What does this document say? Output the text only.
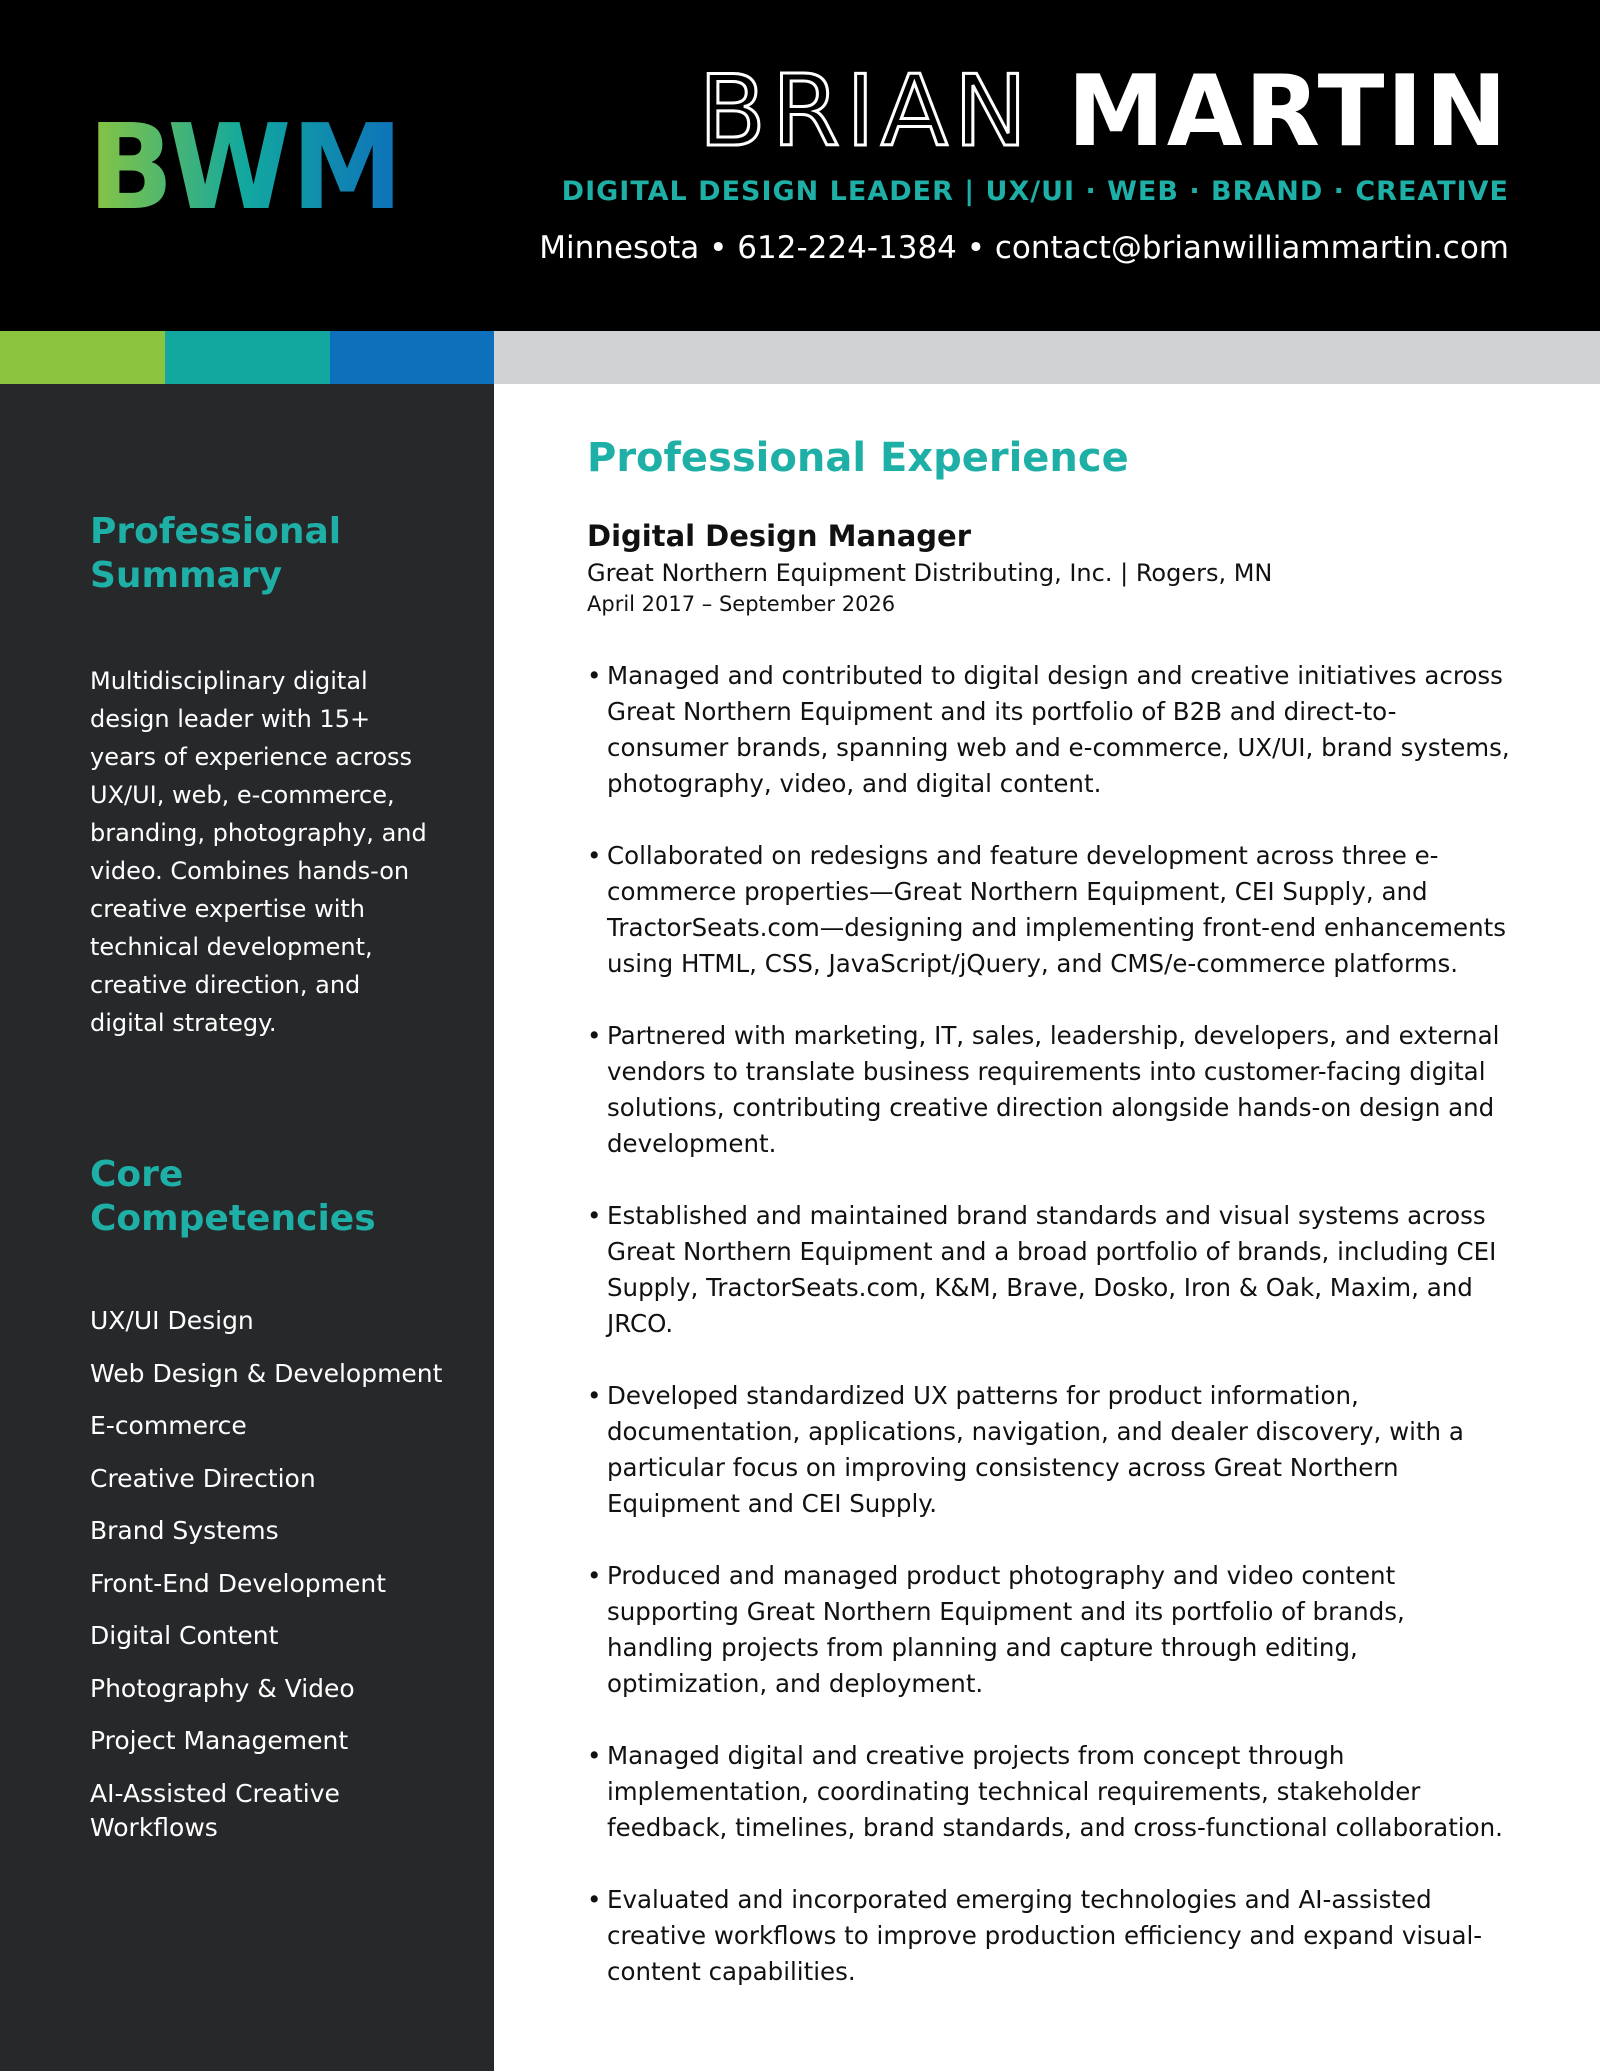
BWM	BRIAN MARTIN
DIGITAL DESIGN LEADER | UX/UI · WEB · BRAND · CREATIVE
Minnesota • 612-224-1384 • contact@brianwilliammartin.com
Professional
Summary
Multidisciplinary digital design leader with 15+ years of experience across UX/UI, web, e-commerce, branding, photography, and video. Combines hands-on creative expertise with technical development, creative direction, and digital strategy.
Core
Competencies
UX/UI Design
Web Design & Development
E-commerce
Creative Direction
Brand Systems
Front-End Development
Digital Content
Photography & Video
Project Management
AI-Assisted Creative Workflows
Professional Experience
Digital Design Manager
Great Northern Equipment Distributing, Inc. | Rogers, MN
April 2017 – September 2026
• Managed and contributed to digital design and creative initiatives across Great Northern Equipment and its portfolio of B2B and direct-to-consumer brands, spanning web and e-commerce, UX/UI, brand systems, photography, video, and digital content.
• Collaborated on redesigns and feature development across three e-commerce properties—Great Northern Equipment, CEI Supply, and TractorSeats.com—designing and implementing front-end enhancements using HTML, CSS, JavaScript/jQuery, and CMS/e-commerce platforms.
• Partnered with marketing, IT, sales, leadership, developers, and external vendors to translate business requirements into customer-facing digital solutions, contributing creative direction alongside hands-on design and development.
• Established and maintained brand standards and visual systems across Great Northern Equipment and a broad portfolio of brands, including CEI Supply, TractorSeats.com, K&M, Brave, Dosko, Iron & Oak, Maxim, and JRCO.
• Developed standardized UX patterns for product information, documentation, applications, navigation, and dealer discovery, with a particular focus on improving consistency across Great Northern Equipment and CEI Supply.
• Produced and managed product photography and video content supporting Great Northern Equipment and its portfolio of brands, handling projects from planning and capture through editing, optimization, and deployment.
• Managed digital and creative projects from concept through implementation, coordinating technical requirements, stakeholder feedback, timelines, brand standards, and cross-functional collaboration.
• Evaluated and incorporated emerging technologies and AI-assisted creative workflows to improve production efficiency and expand visual-content capabilities.
